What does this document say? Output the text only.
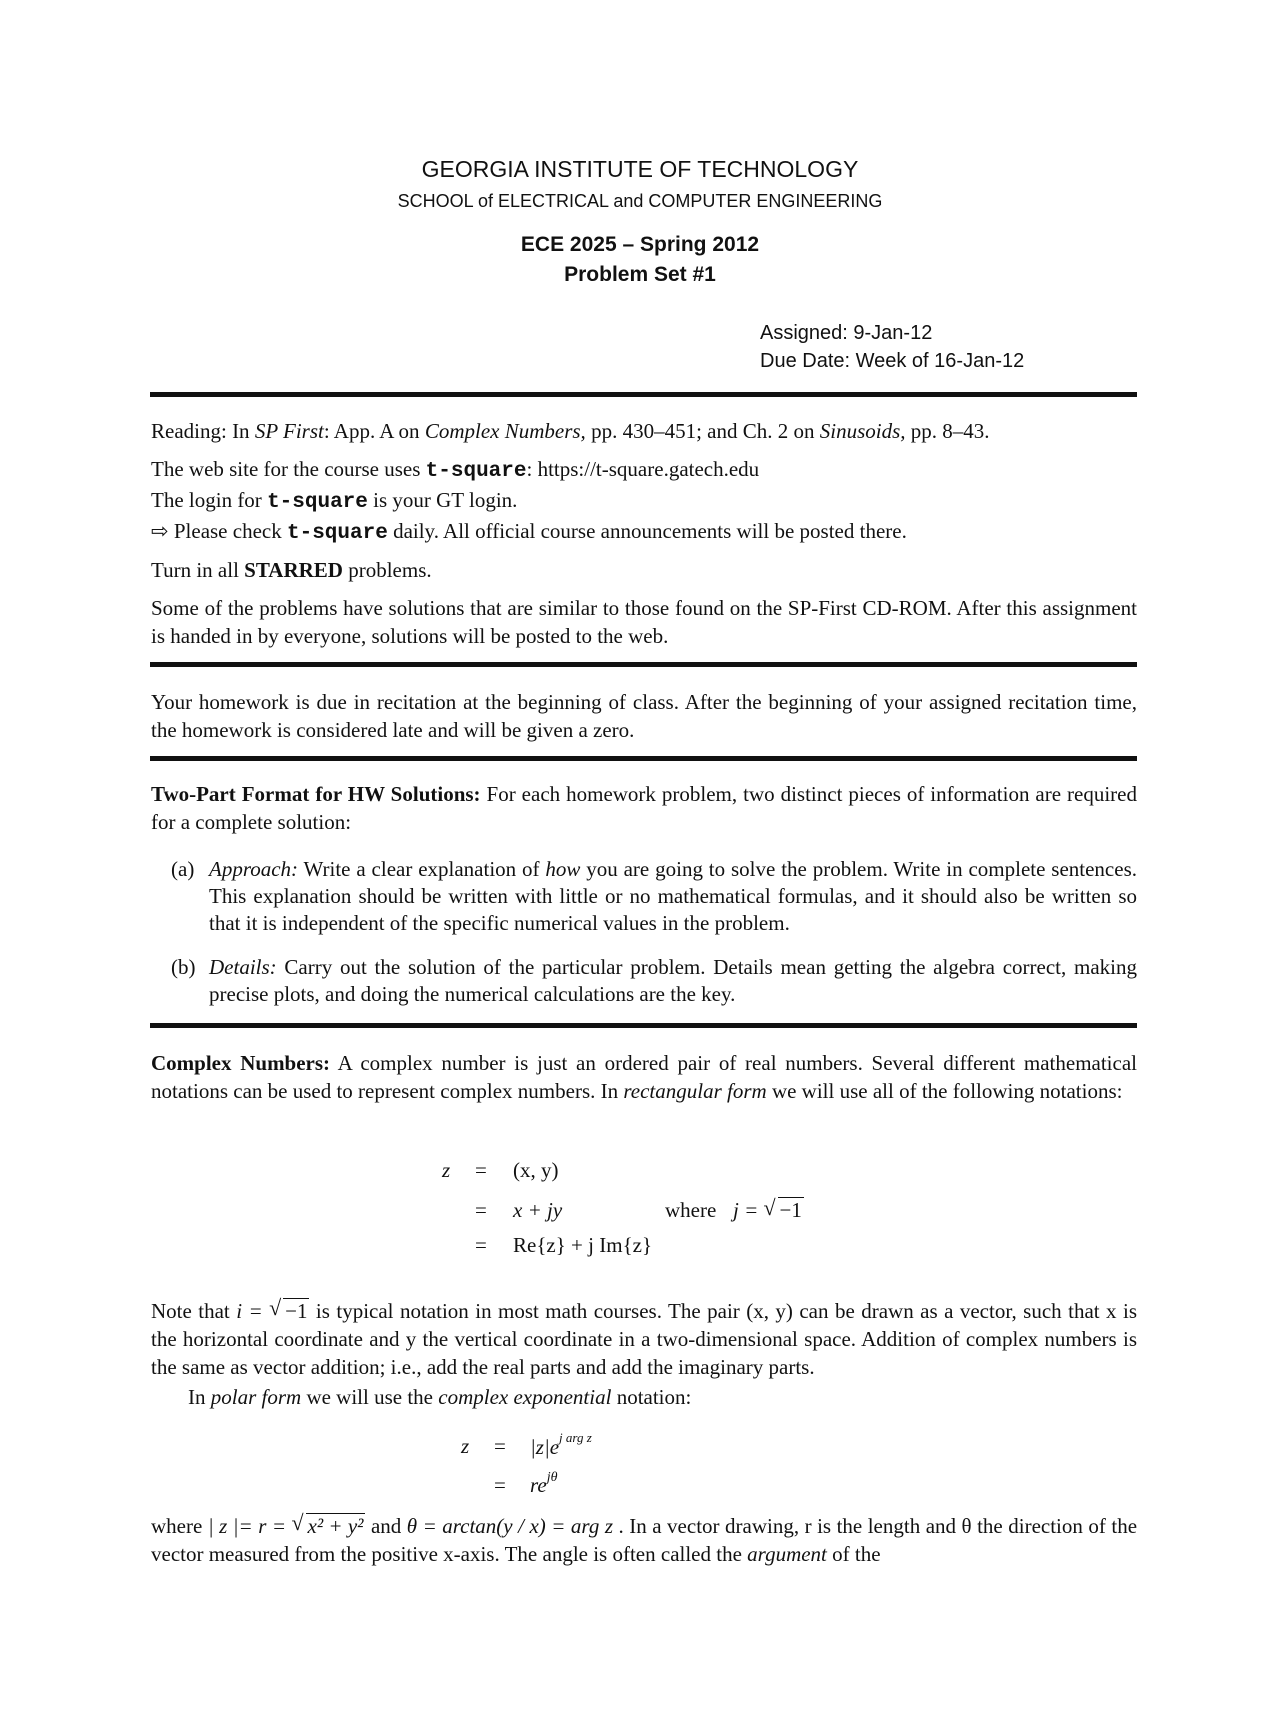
GEORGIA INSTITUTE OF TECHNOLOGY
SCHOOL of ELECTRICAL and COMPUTER ENGINEERING
ECE 2025 – Spring 2012
Problem Set #1
Assigned: 9-Jan-12
Due Date: Week of 16-Jan-12
Reading: In SP First: App. A on Complex Numbers, pp. 430–451; and Ch. 2 on Sinusoids, pp. 8–43.
The web site for the course uses t-square: https://t-square.gatech.edu
The login for t-square is your GT login.
⇨ Please check t-square daily. All official course announcements will be posted there.
Turn in all STARRED problems.
Some of the problems have solutions that are similar to those found on the SP-First CD-ROM. After this assignment is handed in by everyone, solutions will be posted to the web.
Your homework is due in recitation at the beginning of class. After the beginning of your assigned recitation time, the homework is considered late and will be given a zero.
Two-Part Format for HW Solutions: For each homework problem, two distinct pieces of information are required for a complete solution:
(a) Approach: Write a clear explanation of how you are going to solve the problem. Write in complete sentences. This explanation should be written with little or no mathematical formulas, and it should also be written so that it is independent of the specific numerical values in the problem.
(b) Details: Carry out the solution of the particular problem. Details mean getting the algebra correct, making precise plots, and doing the numerical calculations are the key.
Complex Numbers: A complex number is just an ordered pair of real numbers. Several different mathematical notations can be used to represent complex numbers. In rectangular form we will use all of the following notations:
z = (x, y)
= x + jy	where j = √ −1
= Re{z} + j Im{z}
Note that i = √ −1 is typical notation in most math courses. The pair (x, y) can be drawn as a vector, such that x is the horizontal coordinate and y the vertical coordinate in a two-dimensional space. Addition of complex numbers is the same as vector addition; i.e., add the real parts and add the imaginary parts.
In polar form we will use the complex exponential notation:
$z = |z|e^{j arg z}$
= $re^{j\theta}$
where | z |= r = √ x² + y² and θ = arctan(y / x) = arg z . In a vector drawing, r is the length and θ the direction of the vector measured from the positive x-axis. The angle is often called the argument of the
